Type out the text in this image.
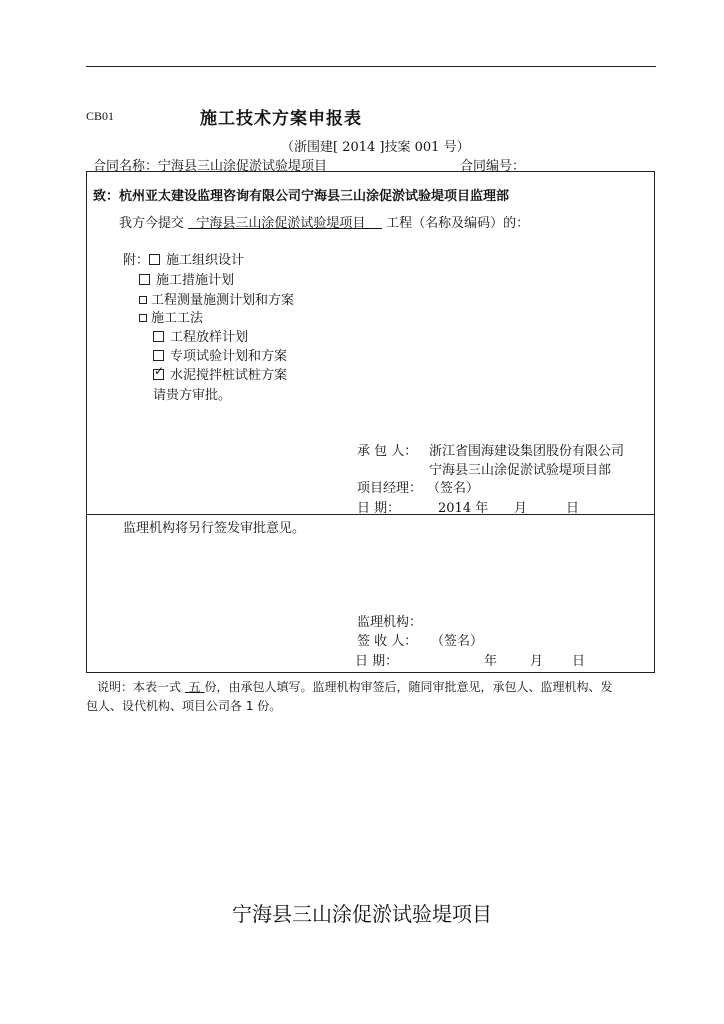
CB01	施工技术方案申报表
（浙围建[ 2014 ]技案 001 号）
合同名称：宁海县三山涂促淤试验堤项目	合同编号：
致：杭州亚太建设监理咨询有限公司宁海县三山涂促淤试验堤项目监理部
我方今提交 宁海县三山涂促淤试验堤项目 工程（名称及编码）的：
附： 施工组织设计
施工措施计划
工程测量施测计划和方案
施工工法
工程放样计划
专项试验计划和方案
✓水泥搅拌桩试桩方案
请贵方审批。
承 包 人： 浙江省围海建设集团股份有限公司
宁海县三山涂促淤试验堤项目部
项目经理： （签名）
日 期：	2014 年 月	日
监理机构将另行签发审批意见。
监理机构：
签 收 人： （签名）
日 期：	年	月 日
说明：本表一式 五 份，由承包人填写。监理机构审签后，随同审批意见，承包人、监理机构、发
包人、设代机构、项目公司各 1 份。
宁海县三山涂促淤试验堤项目
